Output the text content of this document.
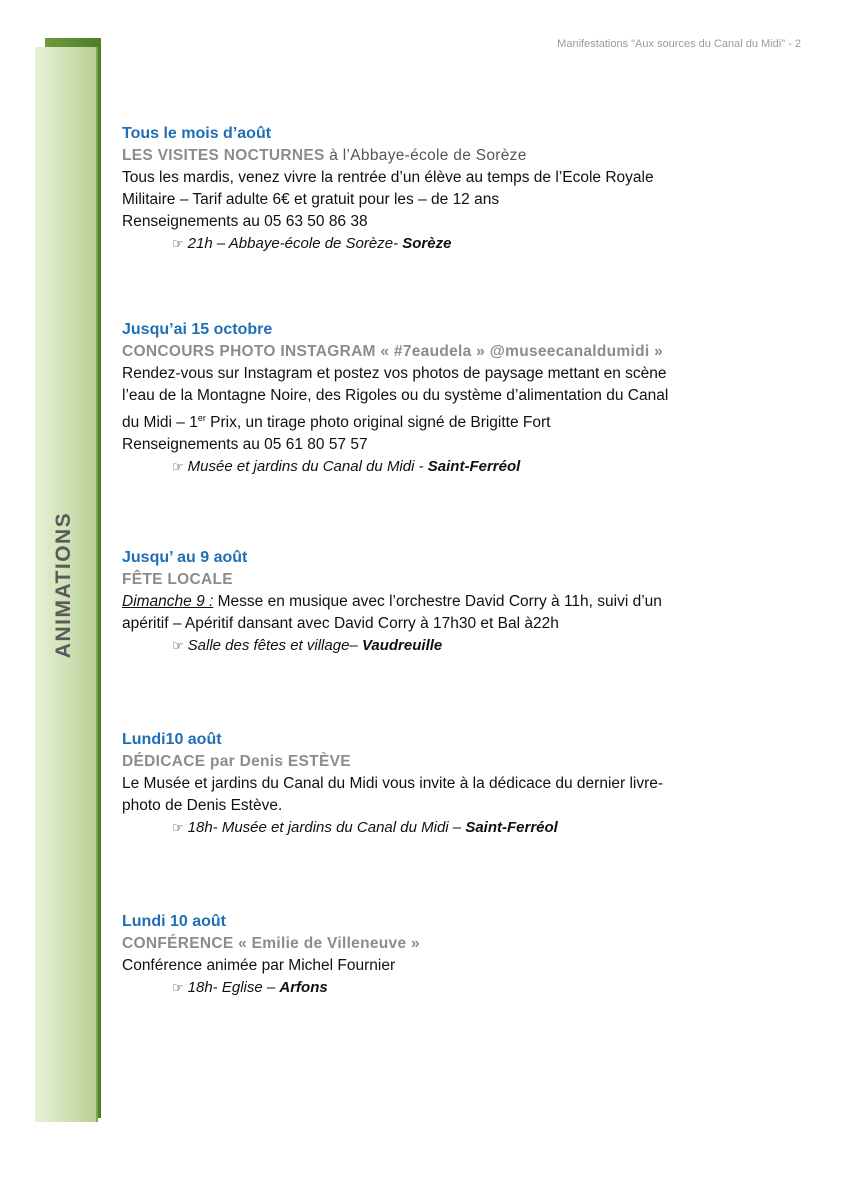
Manifestations "Aux sources du Canal du Midi" - 2
ANIMATIONS
Tous le mois d’août
LES VISITES NOCTURNES à l’Abbaye-école de Sorèze
Tous les mardis, venez vivre la rentrée d’un élève au temps de l’Ecole Royale
Militaire – Tarif adulte 6€ et gratuit pour les – de 12 ans
Renseignements au 05 63 50 86 38
☞ 21h – Abbaye-école de Sorèze- Sorèze
Jusqu’ai 15 octobre
CONCOURS PHOTO INSTAGRAM « #7eaudela » @museecanaldumidi »
Rendez-vous sur Instagram et postez vos photos de paysage mettant en scène
l’eau de la Montagne Noire, des Rigoles ou du système d’alimentation du Canal
du Midi – 1er Prix, un tirage photo original signé de Brigitte Fort
Renseignements au 05 61 80 57 57
☞ Musée et jardins du Canal du Midi - Saint-Ferréol
Jusqu’ au 9 août
FÊTE LOCALE
Dimanche 9 : Messe en musique avec l’orchestre David Corry à 11h, suivi d’un
apéritif – Apéritif dansant avec David Corry à 17h30 et Bal à22h
☞ Salle des fêtes et village– Vaudreuille
Lundi10 août
DÉDICACE par Denis ESTÈVE
Le Musée et jardins du Canal du Midi vous invite à la dédicace du dernier livre-
photo de Denis Estève.
☞ 18h- Musée et jardins du Canal du Midi – Saint-Ferréol
Lundi 10 août
CONFÉRENCE « Emilie de Villeneuve »
Conférence animée par Michel Fournier
☞ 18h- Eglise – Arfons
